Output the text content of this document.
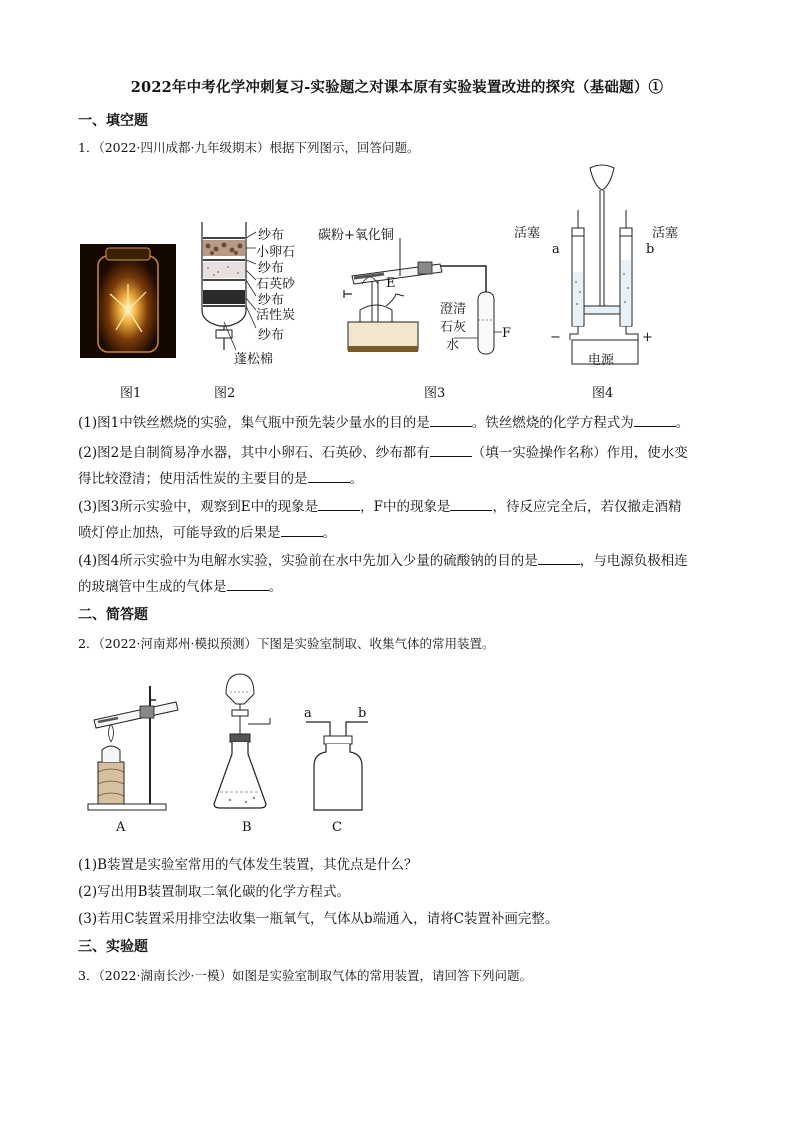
2022年中考化学冲刺复习-实验题之对课本原有实验装置改进的探究（基础题）①
一、填空题
1．（2022·四川成都·九年级期末）根据下列图示，回答问题。
图1
纱布
小卵石
纱布
石英砂
纱布
活性炭
纱布
蓬松棉
图2
碳粉+氧化铜
E
澄清
石灰
水
F
图3
活塞	活塞
a	b
−	+
电源
图4
(1)图1中铁丝燃烧的实验，集气瓶中预先装少量水的目的是	。铁丝燃烧的化学方程式为	。
(2)图2是自制简易净水器，其中小卵石、石英砂、纱布都有	（填一实验操作名称）作用，使水变
得比较澄清；使用活性炭的主要目的是	。
(3)图3所示实验中，观察到E中的现象是	，F中的现象是	，待反应完全后，若仅撤走酒精
喷灯停止加热，可能导致的后果是	。
(4)图4所示实验中为电解水实验，实验前在水中先加入少量的硫酸钠的目的是	，与电源负极相连
的玻璃管中生成的气体是	。
二、简答题
2．（2022·河南郑州·模拟预测）下图是实验室制取、收集气体的常用装置。
A	B
a	b
C
(1)B装置是实验室常用的气体发生装置，其优点是什么？
(2)写出用B装置制取二氧化碳的化学方程式。
(3)若用C装置采用排空法收集一瓶氧气，气体从b端通入，请将C装置补画完整。
三、实验题
3．（2022·湖南长沙·一模）如图是实验室制取气体的常用装置，请回答下列问题。
